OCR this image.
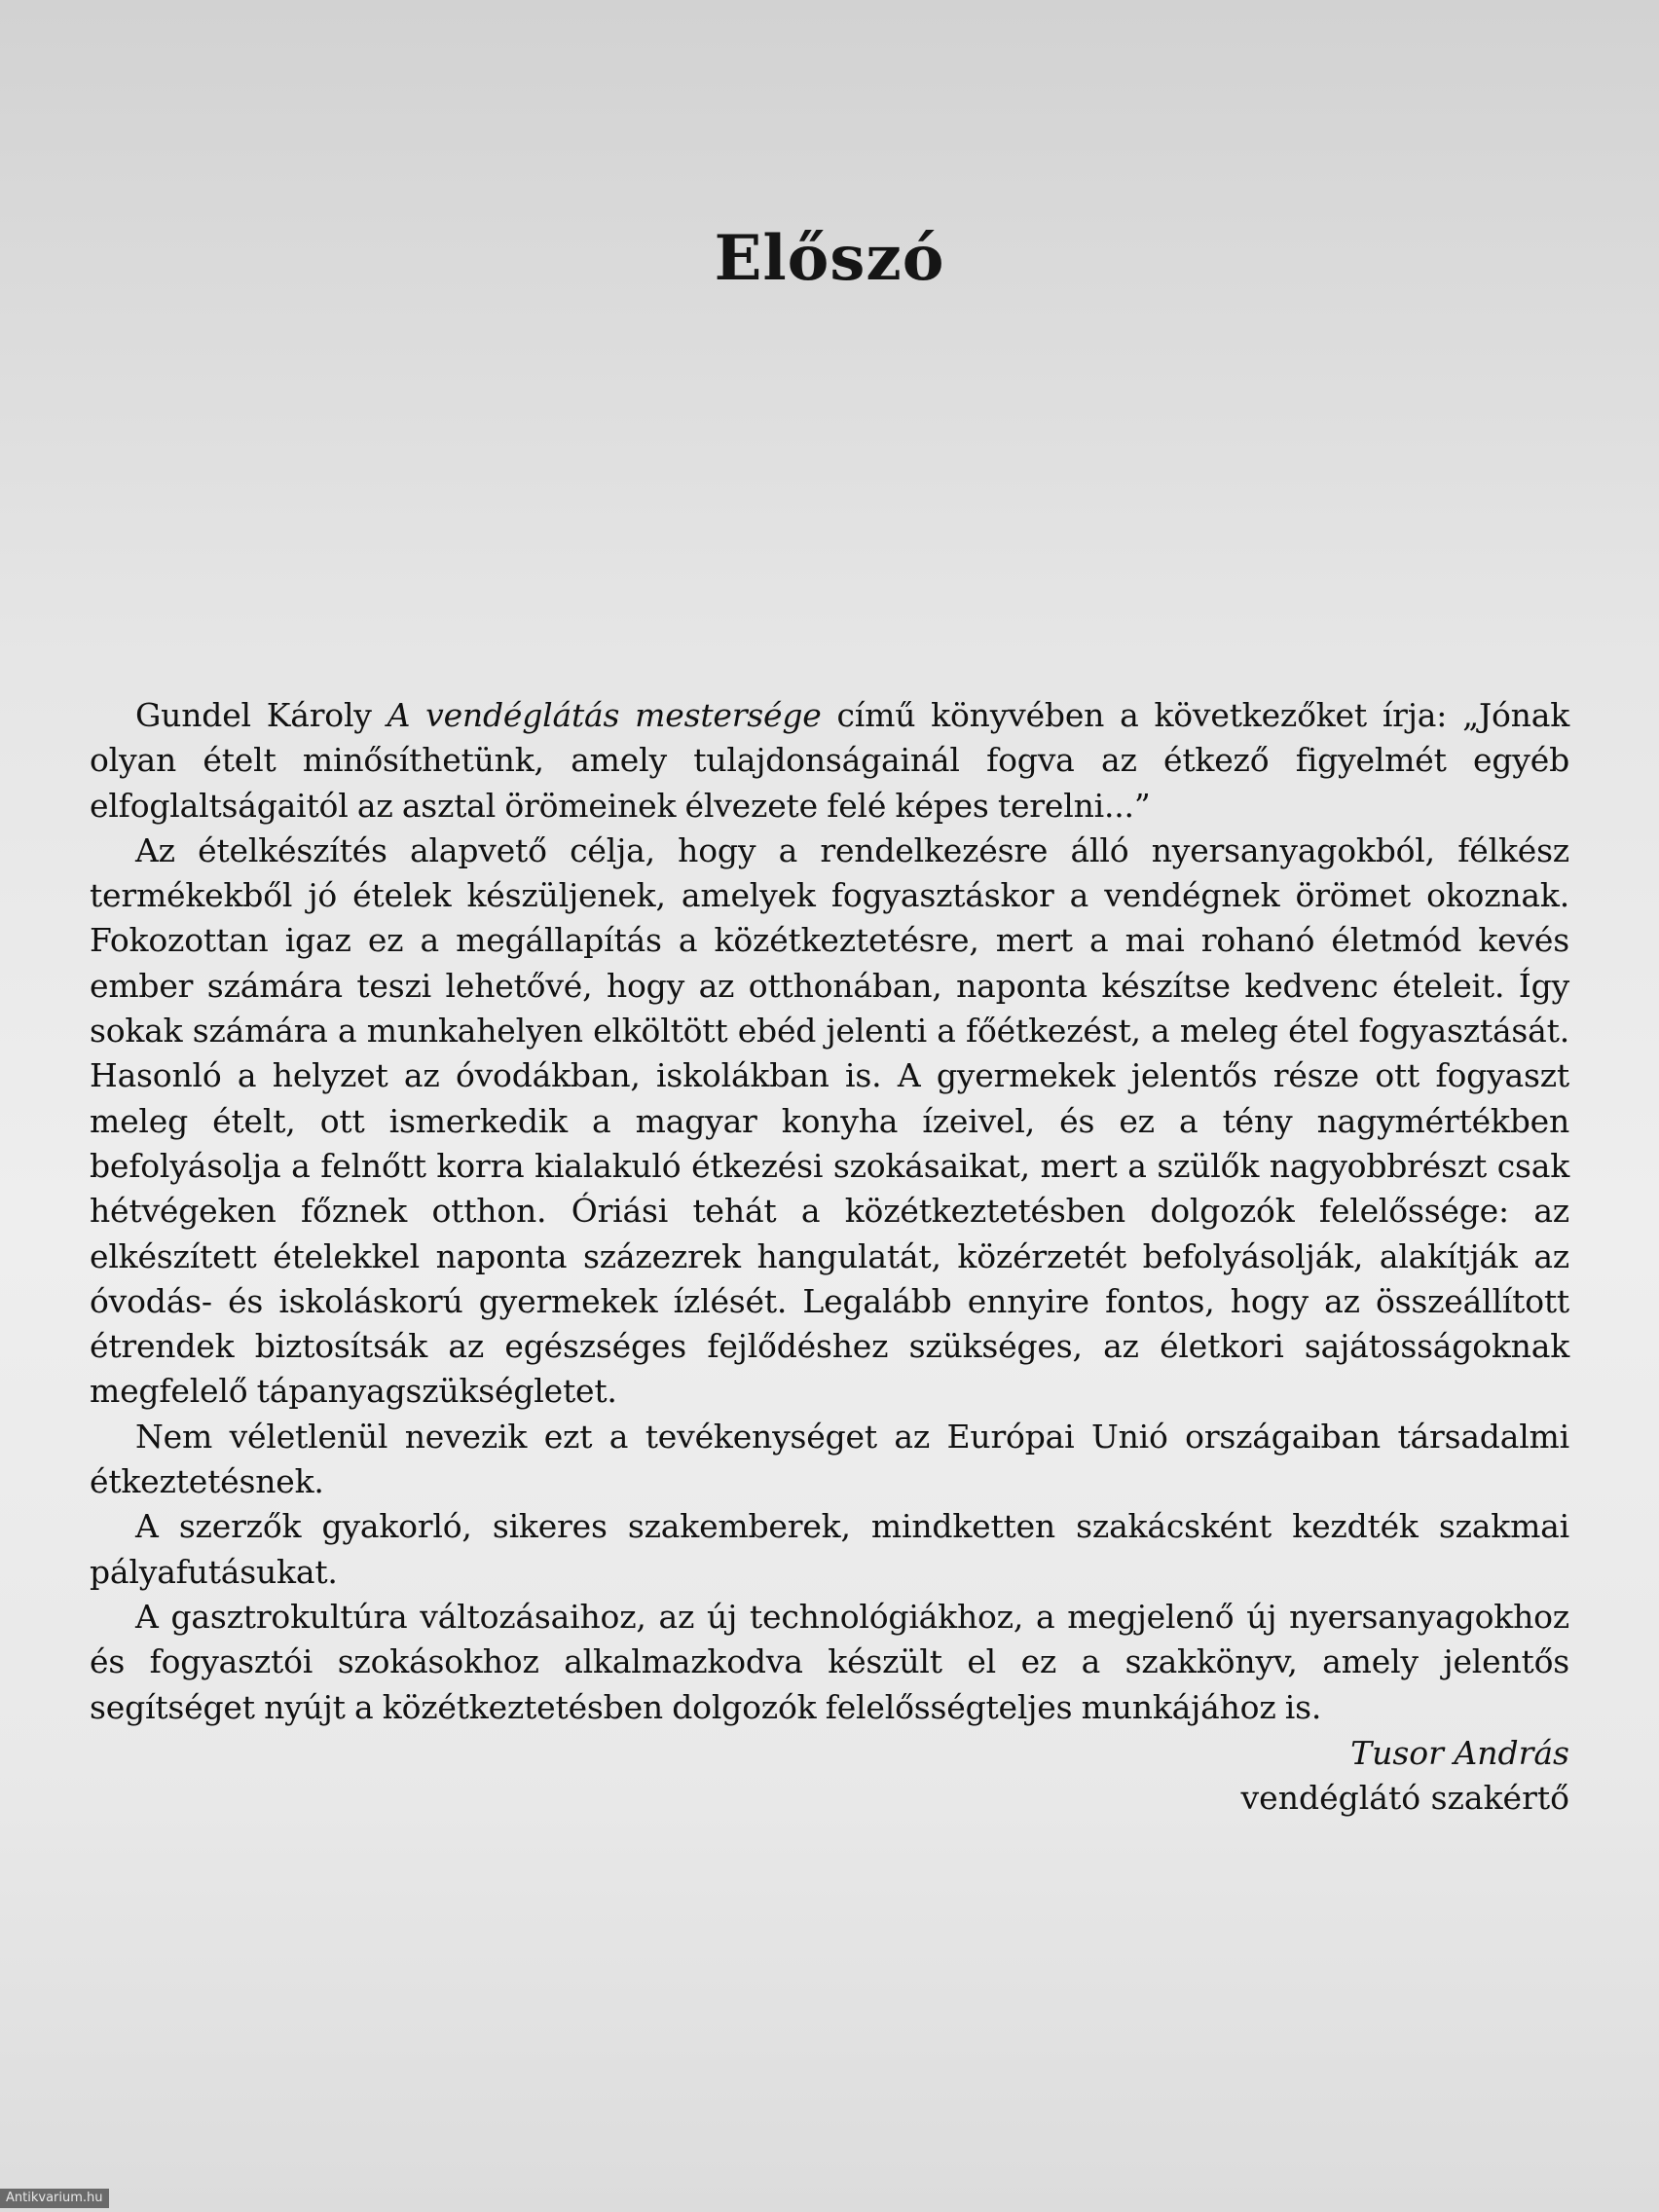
Előszó

Gundel Károly A vendéglátás mestersége című könyvében a következőket írja: „Jónak olyan ételt minősíthetünk, amely tulajdonságainál fogva az étkező figyelmét egyéb elfoglaltságaitól az asztal örömeinek élvezete felé képes terelni...”

Az ételkészítés alapvető célja, hogy a rendelkezésre álló nyersanyagokból, félkész termékekből jó ételek készüljenek, amelyek fogyasztáskor a vendégnek örömet okoznak. Fokozottan igaz ez a megállapítás a közétkeztetésre, mert a mai rohanó életmód kevés ember számára teszi lehetővé, hogy az otthonában, naponta készítse kedvenc ételeit. Így sokak számára a munkahelyen elköltött ebéd jelenti a főétkezést, a meleg étel fogyasztását. Hasonló a helyzet az óvodákban, iskolákban is. A gyermekek jelentős része ott fogyaszt meleg ételt, ott ismerkedik a magyar konyha ízeivel, és ez a tény nagymértékben befolyásolja a felnőtt korra kialakuló étkezési szokásaikat, mert a szülők nagyobbrészt csak hétvégeken főznek otthon. Óriási tehát a közétkeztetésben dolgozók felelőssége: az elkészített ételekkel naponta százezrek hangulatát, közérzetét befolyásolják, alakítják az óvodás- és iskoláskorú gyermekek ízlését. Legalább ennyire fontos, hogy az összeállított étrendek biztosítsák az egészséges fejlődéshez szükséges, az életkori sajátosságoknak megfelelő tápanyagszükségletet.

Nem véletlenül nevezik ezt a tevékenységet az Európai Unió országaiban társadalmi étkeztetésnek.

A szerzők gyakorló, sikeres szakemberek, mindketten szakácsként kezdték szakmai pályafutásukat.

A gasztrokultúra változásaihoz, az új technológiákhoz, a megjelenő új nyersanyagokhoz és fogyasztói szokásokhoz alkalmazkodva készült el ez a szakkönyv, amely jelentős segítséget nyújt a közétkeztetésben dolgozók felelősségteljes munkájához is.

Tusor András
vendéglátó szakértő
Antikvarium.hu
